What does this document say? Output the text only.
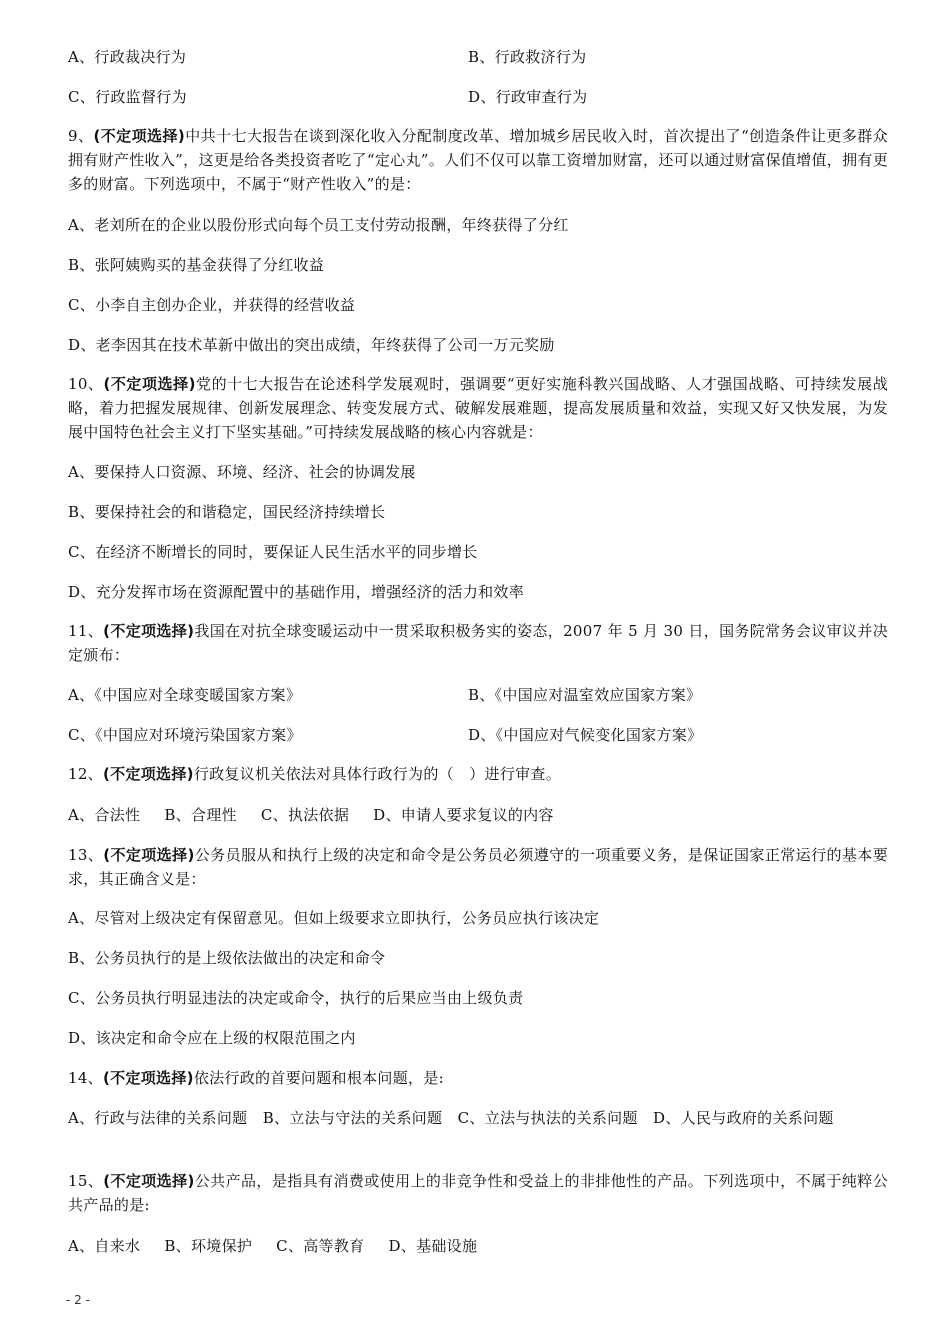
A、行政裁决行为	B、行政救济行为
C、行政监督行为	D、行政审查行为
9、(不定项选择)中共十七大报告在谈到深化收入分配制度改革、增加城乡居民收入时，首次提出了“创造条件让更多群众拥有财产性收入”，这更是给各类投资者吃了“定心丸”。人们不仅可以靠工资增加财富，还可以通过财富保值增值，拥有更多的财富。下列选项中，不属于“财产性收入”的是：
A、老刘所在的企业以股份形式向每个员工支付劳动报酬，年终获得了分红
B、张阿姨购买的基金获得了分红收益
C、小李自主创办企业，并获得的经营收益
D、老李因其在技术革新中做出的突出成绩，年终获得了公司一万元奖励
10、(不定项选择)党的十七大报告在论述科学发展观时，强调要“更好实施科教兴国战略、人才强国战略、可持续发展战略，着力把握发展规律、创新发展理念、转变发展方式、破解发展难题，提高发展质量和效益，实现又好又快发展，为发展中国特色社会主义打下坚实基础。”可持续发展战略的核心内容就是：
A、要保持人口资源、环境、经济、社会的协调发展
B、要保持社会的和谐稳定，国民经济持续增长
C、在经济不断增长的同时，要保证人民生活水平的同步增长
D、充分发挥市场在资源配置中的基础作用，增强经济的活力和效率
11、(不定项选择)我国在对抗全球变暖运动中一贯采取积极务实的姿态，2007 年 5 月 30 日，国务院常务会议审议并决定颁布：
A、《中国应对全球变暖国家方案》	B、《中国应对温室效应国家方案》
C、《中国应对环境污染国家方案》	D、《中国应对气候变化国家方案》
12、(不定项选择)行政复议机关依法对具体行政行为的（　）进行审查。
A、合法性 B、合理性 C、执法依据 D、申请人要求复议的内容
13、(不定项选择)公务员服从和执行上级的决定和命令是公务员必须遵守的一项重要义务，是保证国家正常运行的基本要求，其正确含义是：
A、尽管对上级决定有保留意见。但如上级要求立即执行，公务员应执行该决定
B、公务员执行的是上级依法做出的决定和命令
C、公务员执行明显违法的决定或命令，执行的后果应当由上级负责
D、该决定和命令应在上级的权限范围之内
14、(不定项选择)依法行政的首要问题和根本问题，是:
A、行政与法律的关系问题　B、立法与守法的关系问题　C、立法与执法的关系问题　D、人民与政府的关系问题
15、(不定项选择)公共产品，是指具有消费或使用上的非竞争性和受益上的非排他性的产品。下列选项中，不属于纯粹公共产品的是:
A、自来水 B、环境保护 C、高等教育 D、基础设施
- 2 -
